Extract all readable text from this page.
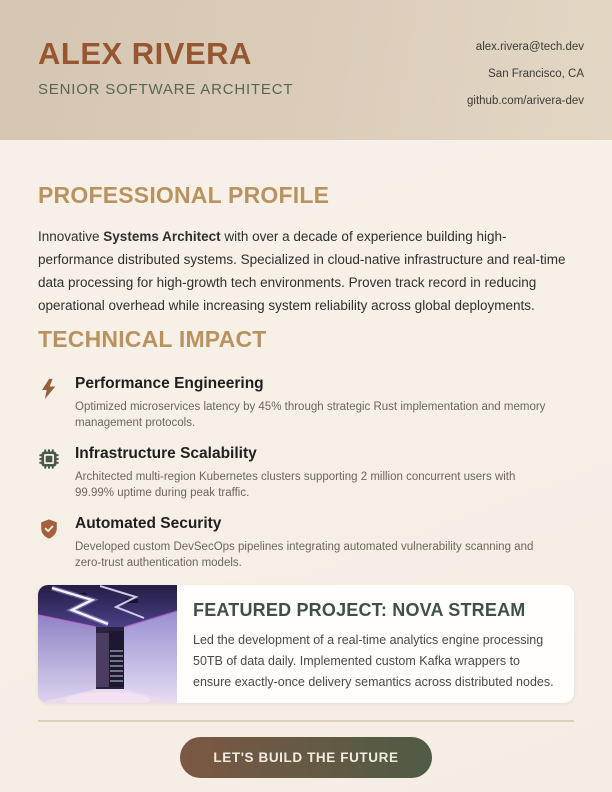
ALEX RIVERA
SENIOR SOFTWARE ARCHITECT
alex.rivera@tech.dev
San Francisco, CA
github.com/arivera-dev
PROFESSIONAL PROFILE

Innovative Systems Architect with over a decade of experience building high-performance distributed systems. Specialized in cloud-native infrastructure and real-time data processing for high-growth tech environments. Proven track record in reducing operational overhead while increasing system reliability across global deployments.

TECHNICAL IMPACT
Performance Engineering

Optimized microservices latency by 45% through strategic Rust implementation and memory management protocols.

Infrastructure Scalability

Architected multi-region Kubernetes clusters supporting 2 million concurrent users with 99.99% uptime during peak traffic.

Automated Security

Developed custom DevSecOps pipelines integrating automated vulnerability scanning and zero-trust authentication models.

FEATURED PROJECT: NOVA STREAM

Led the development of a real-time analytics engine processing 50TB of data daily. Implemented custom Kafka wrappers to ensure exactly-once delivery semantics across distributed nodes.

LET'S BUILD THE FUTURE
